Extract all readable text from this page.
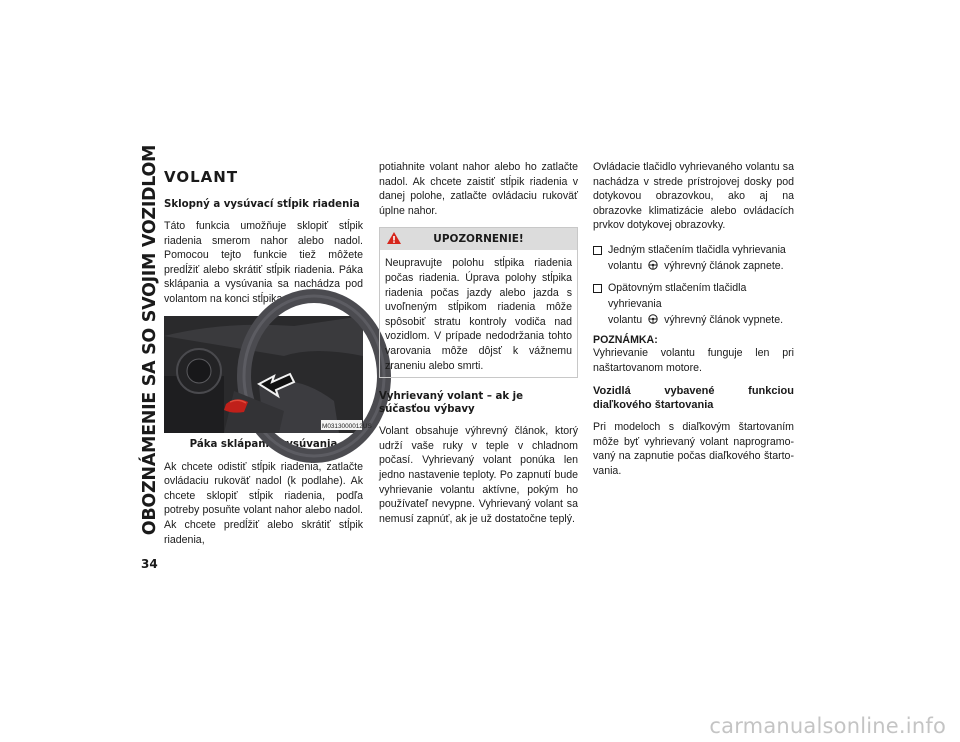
OBOZNÁMENIE SA SO SVOJIM VOZIDLOM
34
VOLANT
Sklopný a vysúvací stĺpik riadenia

Táto funkcia umožňuje sklopiť stĺpik riadenia smerom nahor alebo nadol. Pomocou tejto funkcie tiež môžete predĺžiť alebo skrátiť stĺpik riadenia. Páka sklápania a vysúvania sa nachádza pod volantom na konci stĺpika riadenia.

M0313000012US
Páka sklápania/vysúvania

Ak chcete odistiť stĺpik riadenia, zatlačte ovládaciu rukoväť nadol (k podlahe). Ak chcete sklopiť stĺpik riadenia, podľa potreby posuňte volant nahor alebo nadol. Ak chcete predĺžiť alebo skrátiť stĺpik riadenia,

potiahnite volant nahor alebo ho zatlačte nadol. Ak chcete zaistiť stĺpik riadenia v danej polohe, zatlačte ovládaciu rukoväť úplne nahor.

UPOZORNENIE!

Neupravujte polohu stĺpika riadenia počas riadenia. Úprava polohy stĺpika riadenia počas jazdy alebo jazda s uvoľneným stĺpikom riadenia môže spôsobiť stratu kontroly vodiča nad vozidlom. V prípade nedodržania tohto varovania môže dôjsť k vážnemu zraneniu alebo smrti.

Vyhrievaný volant – ak je súčasťou výbavy

Volant obsahuje výhrevný článok, ktorý udrží vaše ruky v teple v chladnom počasí. Vyhrievaný volant ponúka len jedno nastavenie teploty. Po zapnutí bude vyhrievanie volantu aktívne, pokým ho používateľ nevypne. Vyhrievaný volant sa nemusí zapnúť, ak je už dostatočne teplý.

Ovládacie tlačidlo vyhrievaného volantu sa nachádza v strede prístrojovej dosky pod dotykovou obrazovkou, ako aj na obrazovke klimatizácie alebo ovládacích prvkov dotykovej obrazovky.

Jedným stlačením tlačidla vyhrievania
volantu výhrevný článok zapnete.
Opätovným stlačením tlačidla vyhrievania
volantu výhrevný článok vypnete.
POZNÁMKA:

Vyhrievanie volantu funguje len pri naštartovanom motore.

Vozidlá vybavené funkciou diaľkového štartovania

Pri modeloch s diaľkovým štartovaním môže byť vyhrievaný volant naprogramovaný na zapnutie počas diaľkového štartovania.

carmanualsonline.info
